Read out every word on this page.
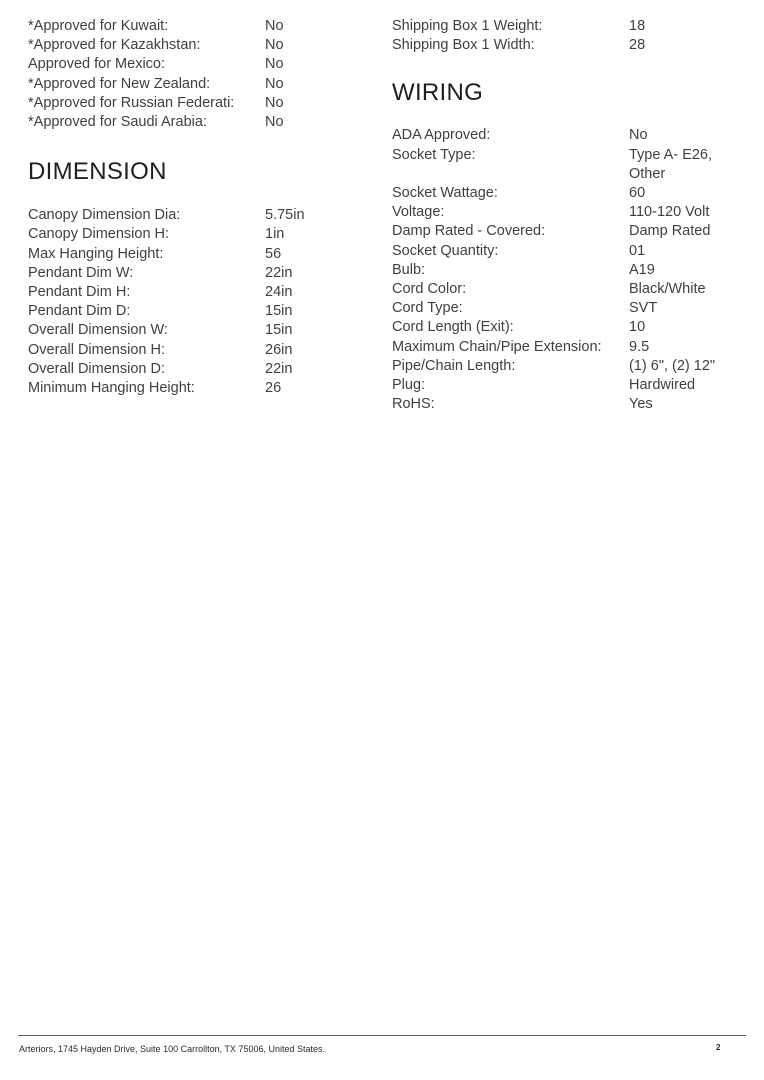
*Approved for Kuwait:	No
*Approved for Kazakhstan:	No
Approved for Mexico:	No
*Approved for New Zealand:	No
*Approved for Russian Federati:	No
*Approved for Saudi Arabia:	No
DIMENSION
Canopy Dimension Dia:	5.75in
Canopy Dimension H:	1in
Max Hanging Height:	56
Pendant Dim W:	22in
Pendant Dim H:	24in
Pendant Dim D:	15in
Overall Dimension W:	15in
Overall Dimension H:	26in
Overall Dimension D:	22in
Minimum Hanging Height:	26
Shipping Box 1 Weight:	18
Shipping Box 1 Width:	28
WIRING
ADA Approved:	No
Socket Type:	Type A- E26,
Other
Socket Wattage:	60
Voltage:	110-120 Volt
Damp Rated - Covered:	Damp Rated
Socket Quantity:	01
Bulb:	A19
Cord Color:	Black/White
Cord Type:	SVT
Cord Length (Exit):	10
Maximum Chain/Pipe Extension:	9.5
Pipe/Chain Length:	(1) 6", (2) 12"
Plug:	Hardwired
RoHS:	Yes
Arteriors, 1745 Hayden Drive, Suite 100 Carrollton, TX 75006, United States.	2
